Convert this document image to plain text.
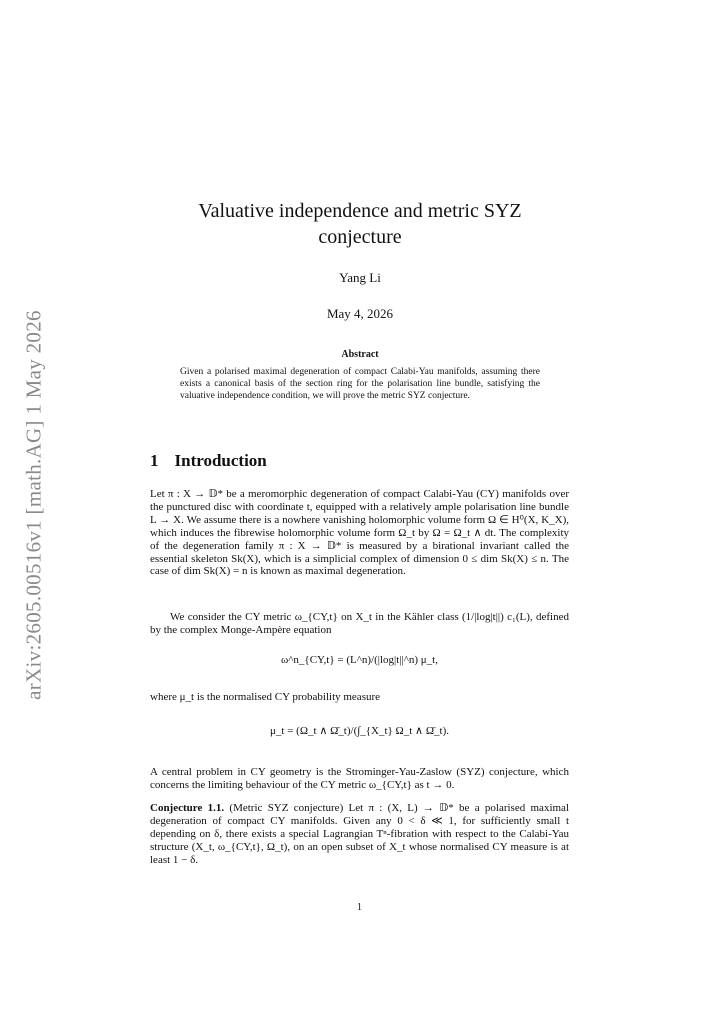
arXiv:2605.00516v1 [math.AG] 1 May 2026
Valuative independence and metric SYZ
conjecture
Yang Li
May 4, 2026
Abstract
Given a polarised maximal degeneration of compact Calabi-Yau manifolds, assuming there exists a canonical basis of the section ring for the polarisation line bundle, satisfying the valuative independence condition, we will prove the metric SYZ conjecture.
1 Introduction
Let π : X → 𝔻* be a meromorphic degeneration of compact Calabi-Yau (CY) manifolds over the punctured disc with coordinate t, equipped with a relatively ample polarisation line bundle L → X. We assume there is a nowhere vanishing holomorphic volume form Ω ∈ H⁰(X, K_X), which induces the fibrewise holomorphic volume form Ω_t by Ω = Ω_t ∧ dt. The complexity of the degeneration family π : X → 𝔻* is measured by a birational invariant called the essential skeleton Sk(X), which is a simplicial complex of dimension 0 ≤ dim Sk(X) ≤ n. The case of dim Sk(X) = n is known as maximal degeneration.
We consider the CY metric ω_{CY,t} on X_t in the Kähler class (1/|log|t||) c₁(L), defined by the complex Monge-Ampère equation
ω^n_{CY,t} = (L^n)/(|log|t||^n) μ_t,
where μ_t is the normalised CY probability measure
μ_t = (Ω_t ∧ Ω̄_t)/(∫_{X_t} Ω_t ∧ Ω̄_t).
A central problem in CY geometry is the Strominger-Yau-Zaslow (SYZ) conjecture, which concerns the limiting behaviour of the CY metric ω_{CY,t} as t → 0.
Conjecture 1.1. (Metric SYZ conjecture) Let π : (X, L) → 𝔻* be a polarised maximal degeneration of compact CY manifolds. Given any 0 < δ ≪ 1, for sufficiently small t depending on δ, there exists a special Lagrangian Tⁿ-fibration with respect to the Calabi-Yau structure (X_t, ω_{CY,t}, Ω_t), on an open subset of X_t whose normalised CY measure is at least 1 − δ.
1
